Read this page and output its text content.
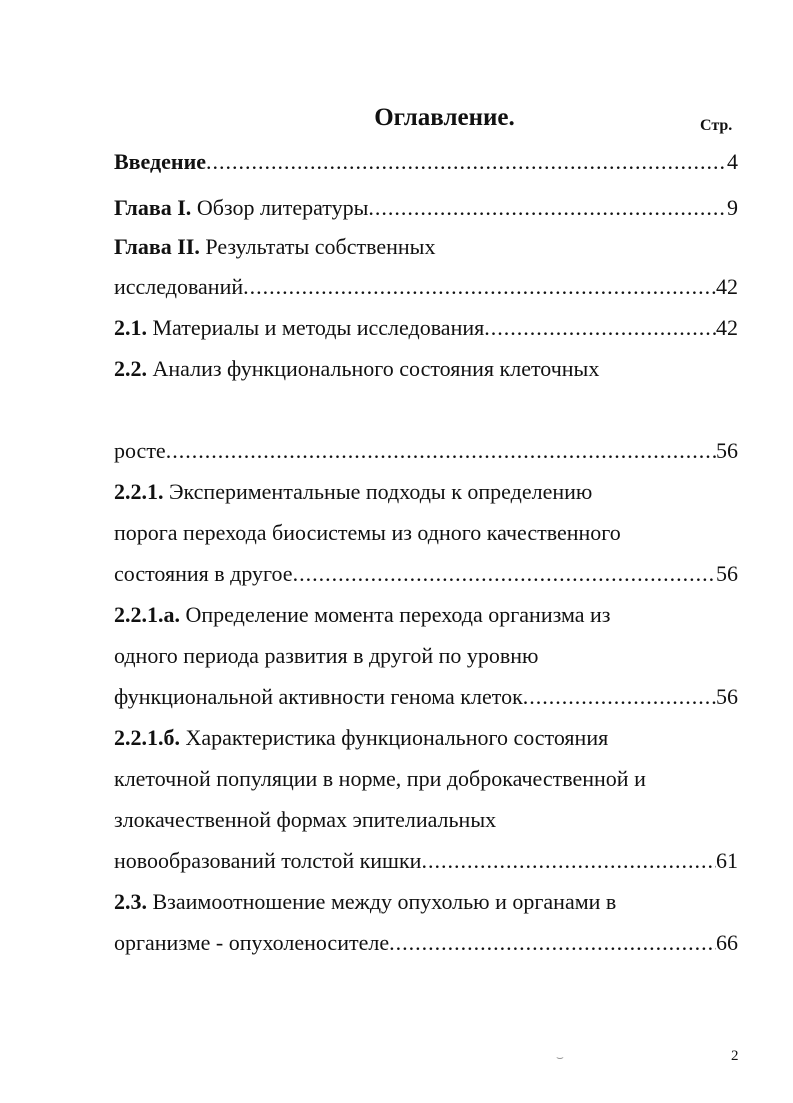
Оглавление.	Стр.
Введение .....	4
Глава I. Обзор литературы .....	9
Глава II. Результаты собственных
исследований .....	42
2.1. Материалы и методы исследования .....	42
2.2. Анализ функционального состояния клеточных

росте .....	56
2.2.1. Экспериментальные подходы к определению
порога перехода биосистемы из одного качественного
состояния в другое .....	56
2.2.1.а. Определение момента перехода организма из
одного периода развития в другой по уровню
функциональной активности генома клеток .....	56
2.2.1.б. Характеристика функционального состояния
клеточной популяции в норме, при доброкачественной и
злокачественной формах эпителиальных
новообразований толстой кишки .....	61
2.3. Взаимоотношение между опухолью и органами в
организме - опухоленосителе .....	66
⌣	2
